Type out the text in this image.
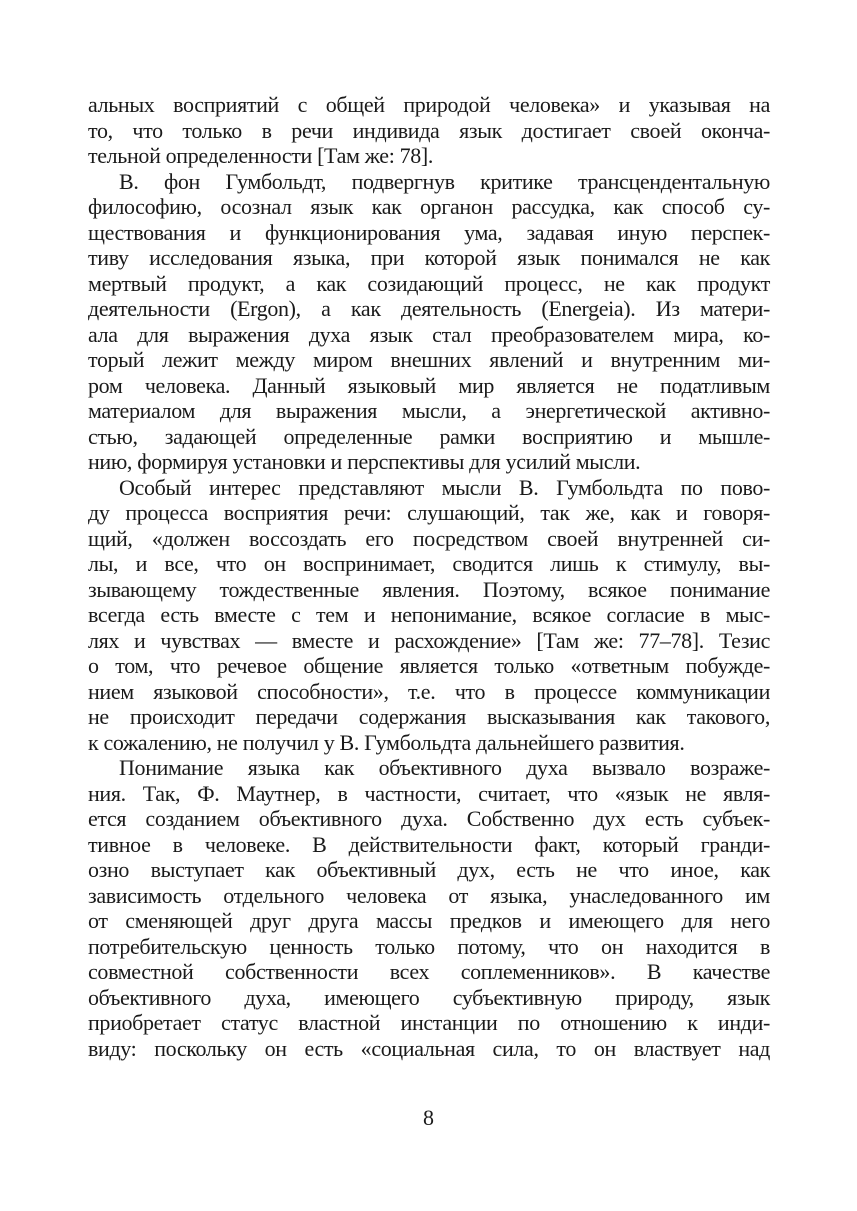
альных восприятий с общей природой человека» и указывая на
то, что только в речи индивида язык достигает своей оконча-
тельной определенности [Там же: 78].
В. фон Гумбольдт, подвергнув критике трансцендентальную
философию, осознал язык как органон рассудка, как способ су-
ществования и функционирования ума, задавая иную перспек-
тиву исследования языка, при которой язык понимался не как
мертвый продукт, а как созидающий процесс, не как продукт
деятельности (Ergon), а как деятельность (Energeia). Из матери-
ала для выражения духа язык стал преобразователем мира, ко-
торый лежит между миром внешних явлений и внутренним ми-
ром человека. Данный языковый мир является не податливым
материалом для выражения мысли, а энергетической активно-
стью, задающей определенные рамки восприятию и мышле-
нию, формируя установки и перспективы для усилий мысли.
Особый интерес представляют мысли В. Гумбольдта по пово-
ду процесса восприятия речи: слушающий, так же, как и говоря-
щий, «должен воссоздать его посредством своей внутренней си-
лы, и все, что он воспринимает, сводится лишь к стимулу, вы-
зывающему тождественные явления. Поэтому, всякое понимание
всегда есть вместе с тем и непонимание, всякое согласие в мыс-
лях и чувствах — вместе и расхождение» [Там же: 77–78]. Тезис
о том, что речевое общение является только «ответным побужде-
нием языковой способности», т.е. что в процессе коммуникации
не происходит передачи содержания высказывания как такового,
к сожалению, не получил у В. Гумбольдта дальнейшего развития.
Понимание языка как объективного духа вызвало возраже-
ния. Так, Ф. Маутнер, в частности, считает, что «язык не явля-
ется созданием объективного духа. Собственно дух есть субъек-
тивное в человеке. В действительности факт, который гранди-
озно выступает как объективный дух, есть не что иное, как
зависимость отдельного человека от языка, унаследованного им
от сменяющей друг друга массы предков и имеющего для него
потребительскую ценность только потому, что он находится в
совместной собственности всех соплеменников». В качестве
объективного духа, имеющего субъективную природу, язык
приобретает статус властной инстанции по отношению к инди-
виду: поскольку он есть «социальная сила, то он властвует над
8
